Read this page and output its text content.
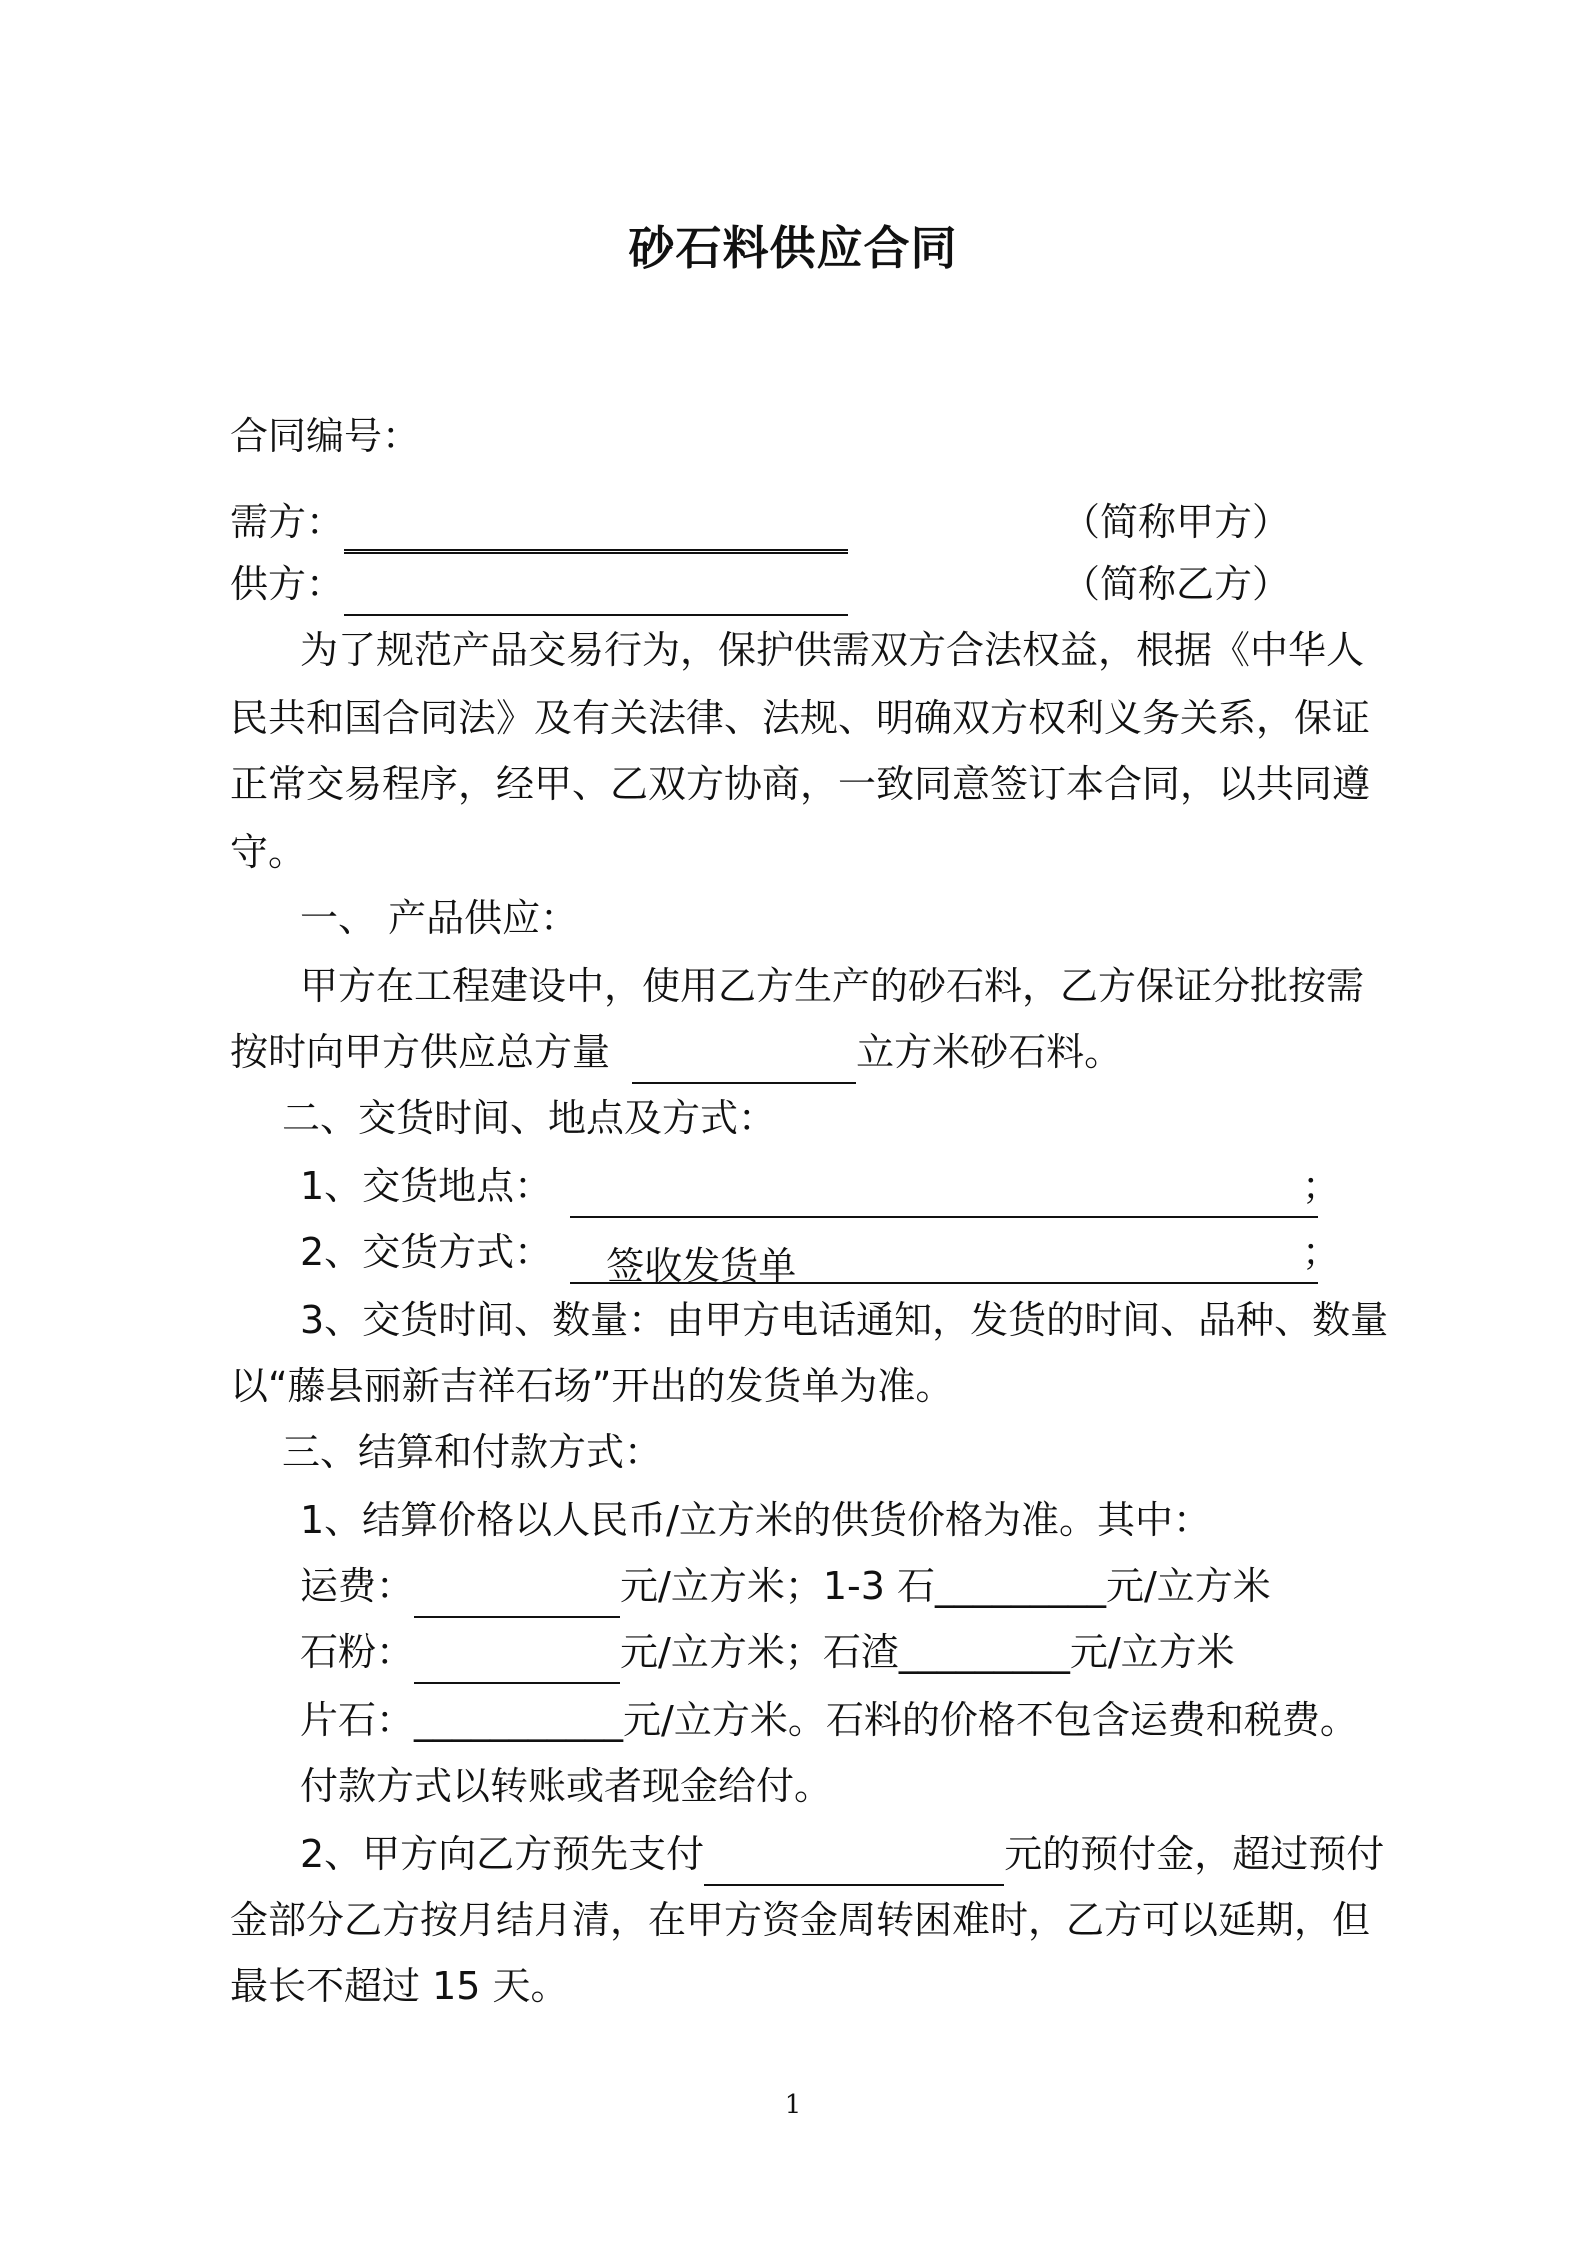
砂石料供应合同
合同编号：
需方：	（简称甲方）
供方：	（简称乙方）
为了规范产品交易行为，保护供需双方合法权益，根据《中华人
民共和国合同法》及有关法律、法规、明确双方权利义务关系，保证
正常交易程序，经甲、乙双方协商，一致同意签订本合同，以共同遵
守。
一、 产品供应：
甲方在工程建设中，使用乙方生产的砂石料，乙方保证分批按需
按时向甲方供应总方量	立方米砂石料。
二、交货时间、地点及方式：
1、交货地点：	；
2、交货方式： 签收发货单	；
3、交货时间、数量：由甲方电话通知，发货的时间、品种、数量
以“藤县丽新吉祥石场”开出的发货单为准。
三、结算和付款方式：
1、结算价格以人民币/立方米的供货价格为准。其中：
运费：	元/立方米；1-3 石_________元/立方米
石粉：	元/立方米；石渣_________元/立方米
片石：___________元/立方米。石料的价格不包含运费和税费。
付款方式以转账或者现金给付。
2、甲方向乙方预先支付	元的预付金，超过预付
金部分乙方按月结月清，在甲方资金周转困难时，乙方可以延期，但
最长不超过 15 天。
1
